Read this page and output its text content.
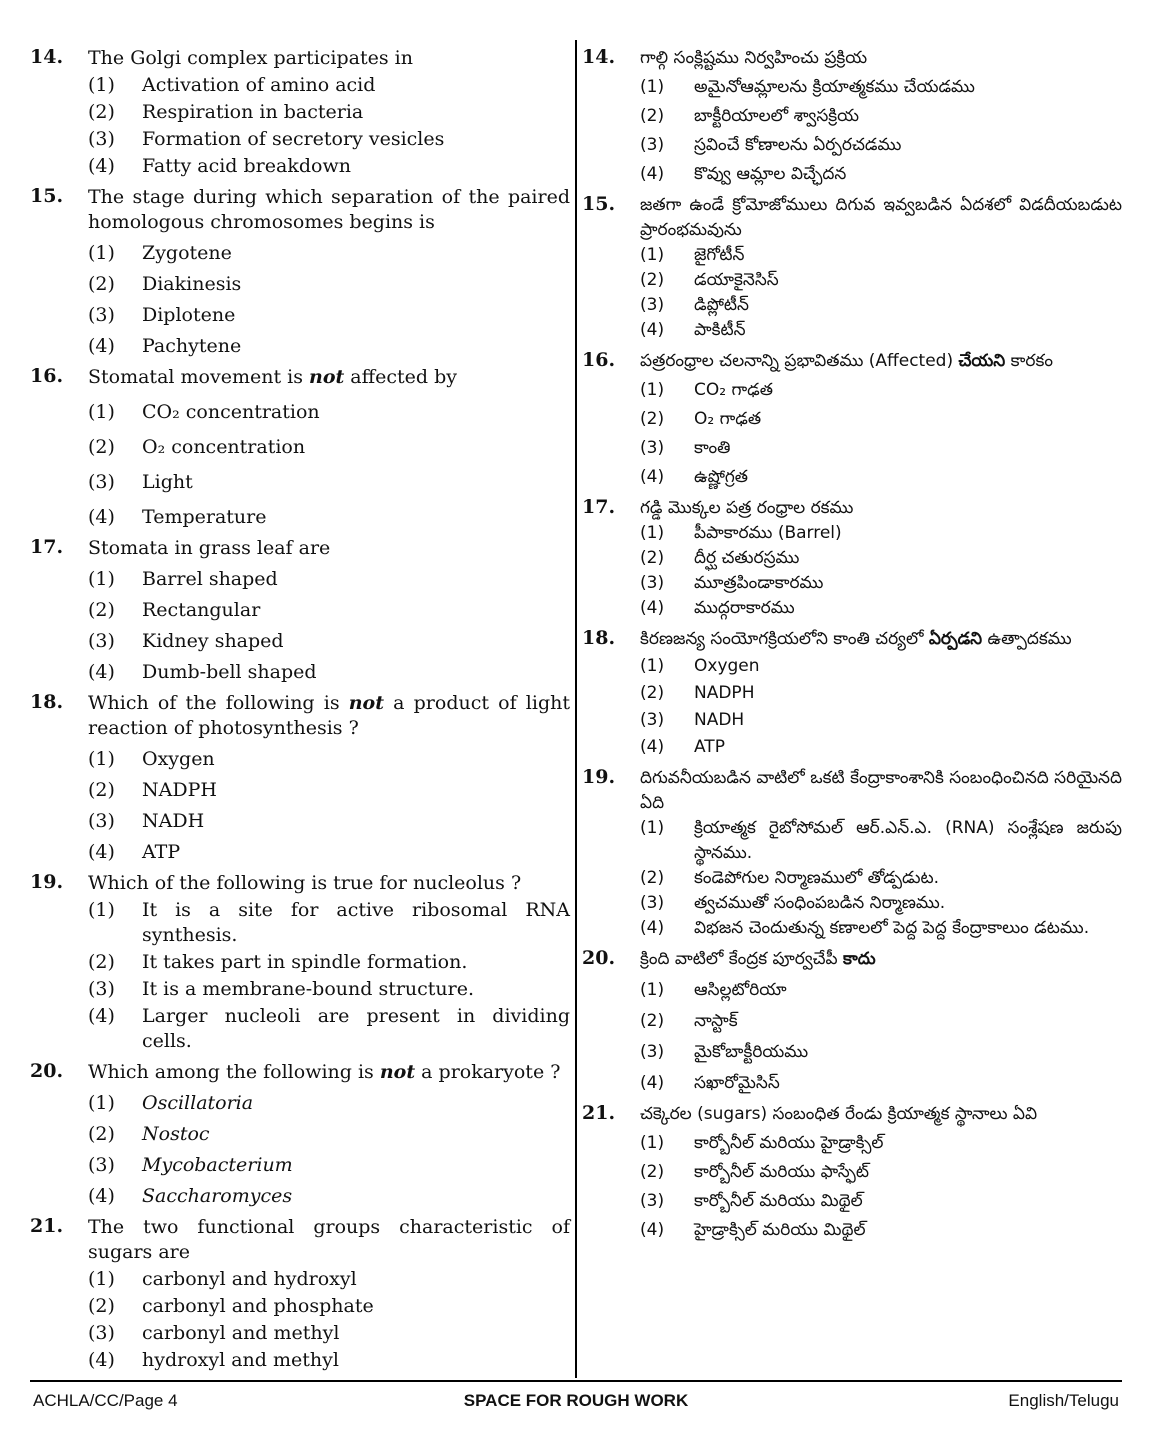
14. The Golgi complex participates in
(1)	Activation of amino acid
(2)	Respiration in bacteria
(3)	Formation of secretory vesicles
(4)	Fatty acid breakdown
15. The stage during which separation of the paired homologous chromosomes begins is
(1)	Zygotene
(2)	Diakinesis
(3)	Diplotene
(4)	Pachytene
16. Stomatal movement is not affected by
(1)	CO₂ concentration
(2)	O₂ concentration
(3)	Light
(4)	Temperature
17. Stomata in grass leaf are
(1)	Barrel shaped
(2)	Rectangular
(3)	Kidney shaped
(4)	Dumb-bell shaped
18. Which of the following is not a product of light reaction of photosynthesis ?
(1)	Oxygen
(2)	NADPH
(3)	NADH
(4)	ATP
19. Which of the following is true for nucleolus ?
(1)	It is a site for active ribosomal RNA synthesis.
(2)	It takes part in spindle formation.
(3)	It is a membrane-bound structure.
(4)	Larger nucleoli are present in dividing cells.
20. Which among the following is not a prokaryote ?
(1)	Oscillatoria
(2)	Nostoc
(3)	Mycobacterium
(4)	Saccharomyces
21. The two functional groups characteristic of sugars are
(1)	carbonyl and hydroxyl
(2)	carbonyl and phosphate
(3)	carbonyl and methyl
(4)	hydroxyl and methyl
14. గాల్గి సంక్లిష్టము నిర్వహించు ప్రక్రియ
(1)	అమైనోఆమ్లాలను క్రియాత్మకము చేయడము
(2)	బాక్టీరియాలలో శ్వాసక్రియ
(3)	స్రవించే కోణాలను ఏర్పరచడము
(4)	కొవ్వు ఆమ్లాల విచ్ఛేదన
15. జతగా ఉండే క్రోమోజోములు దిగువ ఇవ్వబడిన ఏదశలో విడదీయబడుట ప్రారంభమవును
(1)	జైగోటీన్
(2)	డయాకైనెసిస్
(3)	డిప్లోటీన్
(4)	పాకిటీన్
16. పత్రరంధ్రాల చలనాన్ని ప్రభావితము (Affected) చేయని కారకం
(1)	CO₂ గాఢత
(2)	O₂ గాఢత
(3)	కాంతి
(4)	ఉష్ణోగ్రత
17. గడ్డి మొక్కల పత్ర రంధ్రాల రకము
(1)	పీపాకారము (Barrel)
(2)	దీర్ఘ చతురస్రము
(3)	మూత్రపిండాకారము
(4)	ముద్గరాకారము
18. కిరణజన్య సంయోగక్రియలోని కాంతి చర్యలో ఏర్పడని ఉత్పాదకము
(1)	Oxygen
(2)	NADPH
(3)	NADH
(4)	ATP
19. దిగువనీయబడిన వాటిలో ఒకటి కేంద్రాకాంశానికి సంబంధించినది సరియైనది ఏది
(1)	క్రియాత్మక రైబోసోమల్ ఆర్.ఎన్.ఎ. (RNA) సంశ్లేషణ జరుపు స్థానము.
(2)	కండెపోగుల నిర్మాణములో తోడ్పడుట.
(3)	త్వచముతో సంధింపబడిన నిర్మాణము.
(4)	విభజన చెందుతున్న కణాలలో పెద్ద పెద్ద కేంద్రాకాలుం డటము.
20. క్రింది వాటిలో కేంద్రక పూర్వచేపీ కాదు
(1)	ఆసిల్లటోరియా
(2)	నాస్టాక్
(3)	మైకోబాక్టీరియము
(4)	సఖారోమైసిస్
21. చక్కెరల (sugars) సంబంధిత రేండు క్రియాత్మక స్థానాలు ఏవి
(1)	కార్బోనీల్ మరియు హైడ్రాక్సిల్
(2)	కార్బోనీల్ మరియు ఫాస్ఫేట్
(3)	కార్బోనీల్ మరియు మిథైల్
(4)	హైడ్రాక్సిల్ మరియు మిథైల్
ACHLA/CC/Page 4	SPACE FOR ROUGH WORK	English/Telugu
